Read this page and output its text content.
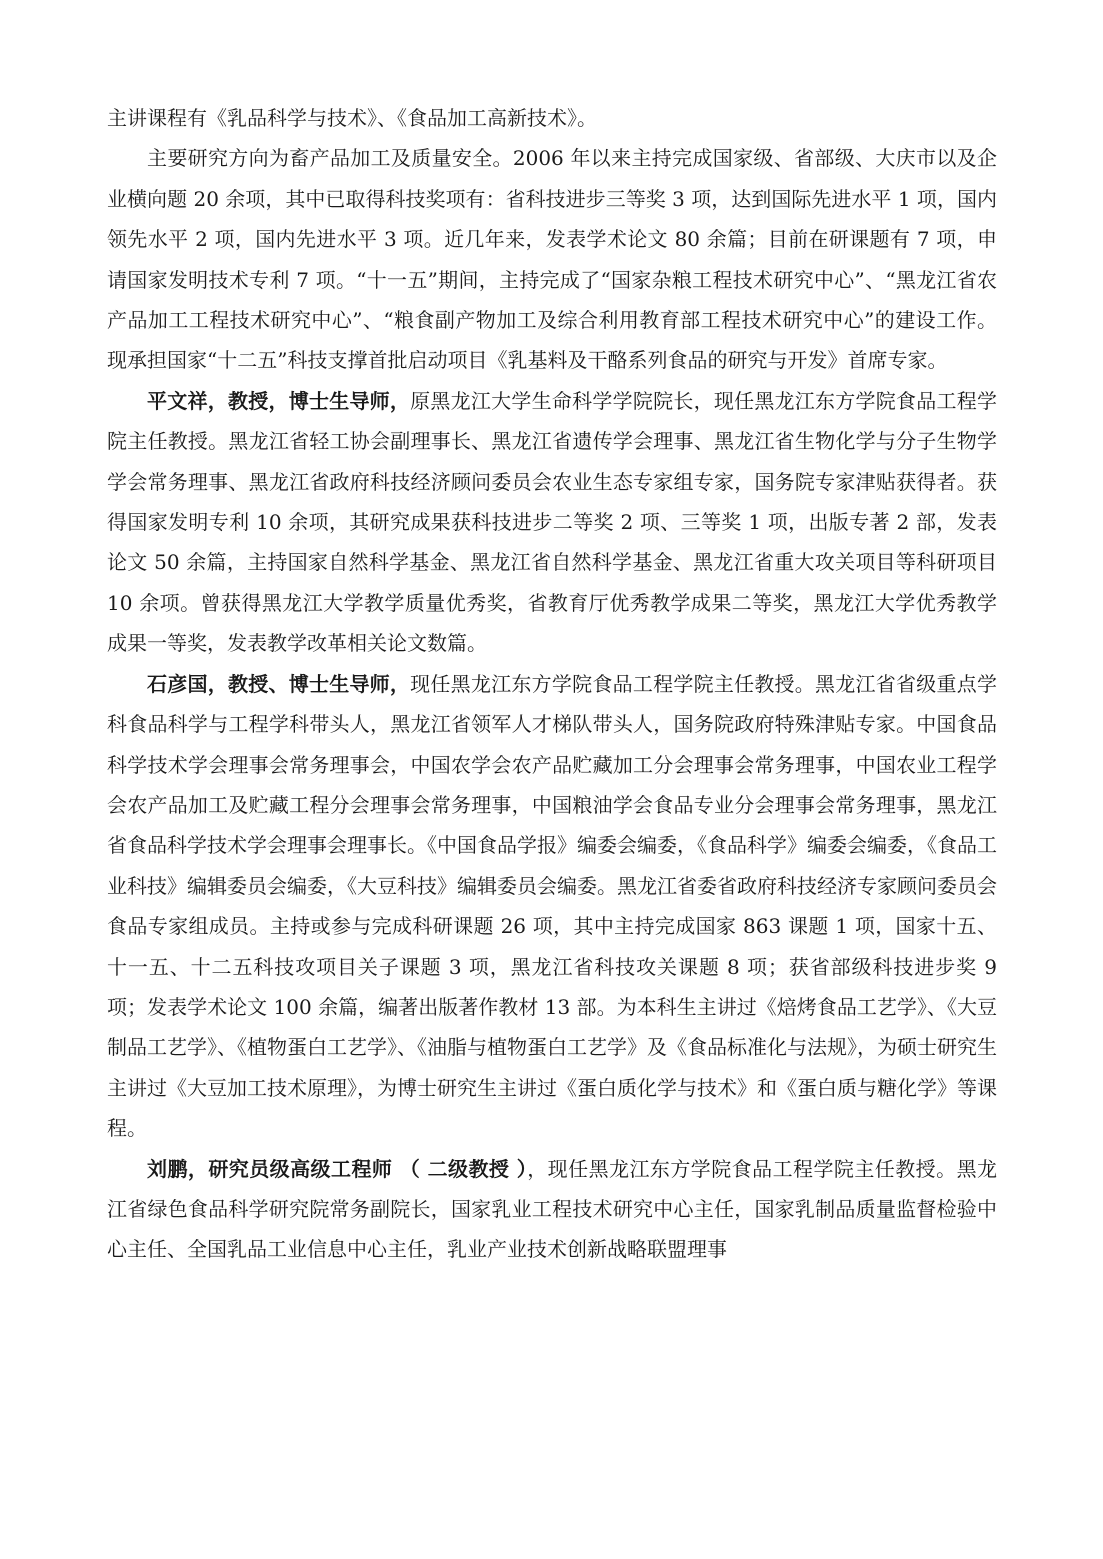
主讲课程有《乳品科学与技术》、《食品加工高新技术》。

主要研究方向为畜产品加工及质量安全。2006 年以来主持完成国家级、省部级、大庆市以及企业横向题 20 余项，其中已取得科技奖项有：省科技进步三等奖 3 项，达到国际先进水平 1 项，国内领先水平 2 项，国内先进水平 3 项。近几年来，发表学术论文 80 余篇；目前在研课题有 7 项，申请国家发明技术专利 7 项。“十一五”期间，主持完成了“国家杂粮工程技术研究中心”、“黑龙江省农产品加工工程技术研究中心”、“粮食副产物加工及综合利用教育部工程技术研究中心”的建设工作。现承担国家“十二五”科技支撑首批启动项目《乳基料及干酪系列食品的研究与开发》首席专家。

平文祥，教授，博士生导师，原黑龙江大学生命科学学院院长，现任黑龙江东方学院食品工程学院主任教授。黑龙江省轻工协会副理事长、黑龙江省遗传学会理事、黑龙江省生物化学与分子生物学学会常务理事、黑龙江省政府科技经济顾问委员会农业生态专家组专家，国务院专家津贴获得者。获得国家发明专利 10 余项，其研究成果获科技进步二等奖 2 项、三等奖 1 项，出版专著 2 部，发表论文 50 余篇，主持国家自然科学基金、黑龙江省自然科学基金、黑龙江省重大攻关项目等科研项目 10 余项。曾获得黑龙江大学教学质量优秀奖，省教育厅优秀教学成果二等奖，黑龙江大学优秀教学成果一等奖，发表教学改革相关论文数篇。

石彦国，教授、博士生导师，现任黑龙江东方学院食品工程学院主任教授。黑龙江省省级重点学科食品科学与工程学科带头人，黑龙江省领军人才梯队带头人，国务院政府特殊津贴专家。中国食品科学技术学会理事会常务理事会，中国农学会农产品贮藏加工分会理事会常务理事，中国农业工程学会农产品加工及贮藏工程分会理事会常务理事，中国粮油学会食品专业分会理事会常务理事，黑龙江省食品科学技术学会理事会理事长。《中国食品学报》编委会编委，《食品科学》编委会编委，《食品工业科技》编辑委员会编委，《大豆科技》编辑委员会编委。黑龙江省委省政府科技经济专家顾问委员会食品专家组成员。主持或参与完成科研课题 26 项，其中主持完成国家 863 课题 1 项，国家十五、十一五、十二五科技攻项目关子课题 3 项，黑龙江省科技攻关课题 8 项；获省部级科技进步奖 9 项；发表学术论文 100 余篇，编著出版著作教材 13 部。为本科生主讲过《焙烤食品工艺学》、《大豆制品工艺学》、《植物蛋白工艺学》、《油脂与植物蛋白工艺学》及《食品标准化与法规》，为硕士研究生主讲过《大豆加工技术原理》，为博士研究生主讲过《蛋白质化学与技术》和《蛋白质与糖化学》等课程。

刘鹏，研究员级高级工程师 （ 二级教授 ），现任黑龙江东方学院食品工程学院主任教授。黑龙江省绿色食品科学研究院常务副院长，国家乳业工程技术研究中心主任，国家乳制品质量监督检验中心主任、全国乳品工业信息中心主任，乳业产业技术创新战略联盟理事
